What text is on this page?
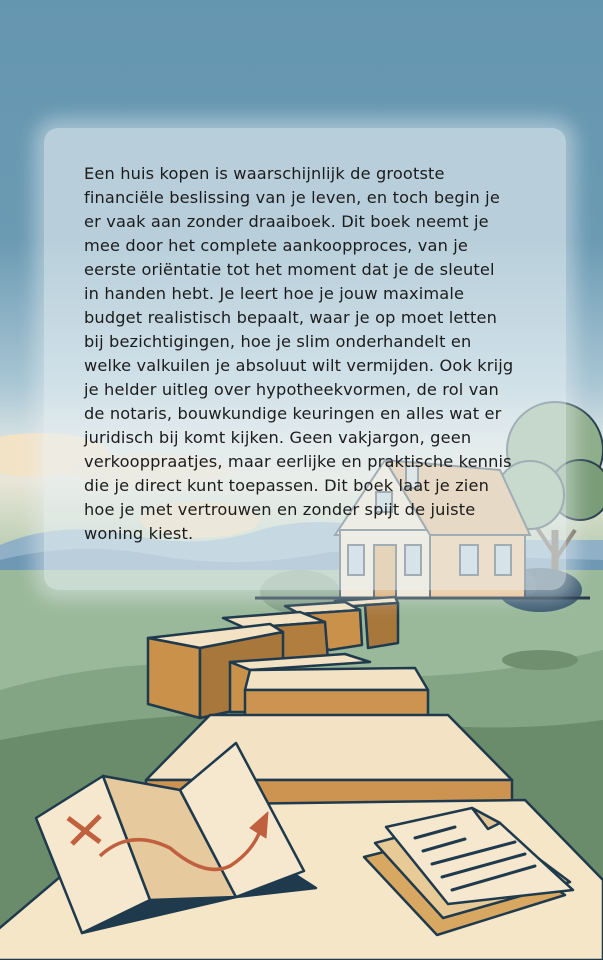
Een huis kopen is waarschijnlijk de grootste
financiële beslissing van je leven, en toch begin je
er vaak aan zonder draaiboek. Dit boek neemt je
mee door het complete aankoopproces, van je
eerste oriëntatie tot het moment dat je de sleutel
in handen hebt. Je leert hoe je jouw maximale
budget realistisch bepaalt, waar je op moet letten
bij bezichtigingen, hoe je slim onderhandelt en
welke valkuilen je absoluut wilt vermijden. Ook krijg
je helder uitleg over hypotheekvormen, de rol van
de notaris, bouwkundige keuringen en alles wat er
juridisch bij komt kijken. Geen vakjargon, geen
verkooppraatjes, maar eerlijke en praktische kennis
die je direct kunt toepassen. Dit boek laat je zien
hoe je met vertrouwen en zonder spijt de juiste
woning kiest.
